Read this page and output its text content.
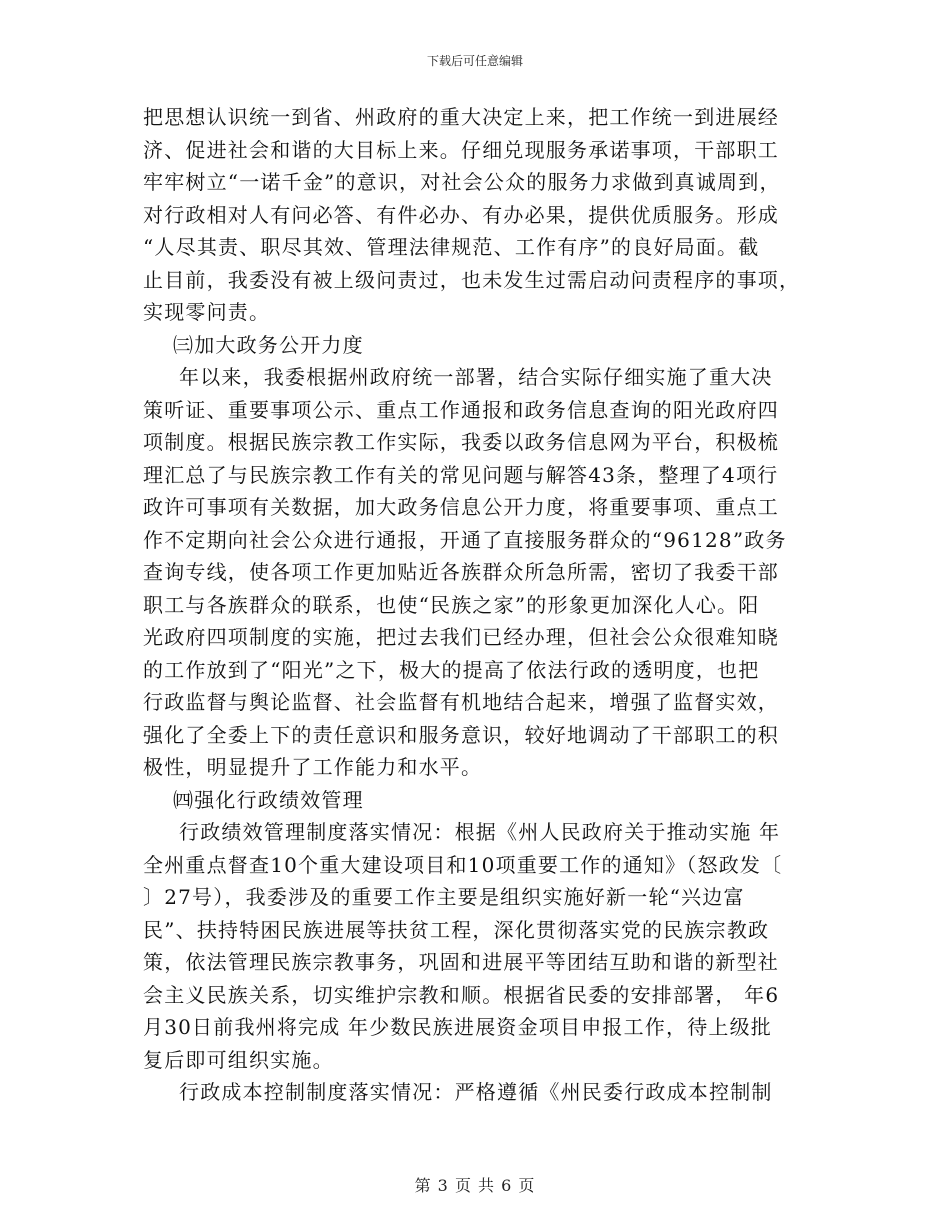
下载后可任意编辑
把思想认识统一到省、州政府的重大决定上来，把工作统一到进展经
济、促进社会和谐的大目标上来。仔细兑现服务承诺事项，干部职工
牢牢树立“一诺千金”的意识，对社会公众的服务力求做到真诚周到，
对行政相对人有问必答、有件必办、有办必果，提供优质服务。形成
“人尽其责、职尽其效、管理法律规范、工作有序”的良好局面。截
止目前，我委没有被上级问责过，也未发生过需启动问责程序的事项，
实现零问责。
㈢加大政务公开力度
年以来，我委根据州政府统一部署，结合实际仔细实施了重大决
策听证、重要事项公示、重点工作通报和政务信息查询的阳光政府四
项制度。根据民族宗教工作实际，我委以政务信息网为平台，积极梳
理汇总了与民族宗教工作有关的常见问题与解答43条，整理了4项行
政许可事项有关数据，加大政务信息公开力度，将重要事项、重点工
作不定期向社会公众进行通报，开通了直接服务群众的“96128”政务
查询专线，使各项工作更加贴近各族群众所急所需，密切了我委干部
职工与各族群众的联系，也使“民族之家”的形象更加深化人心。阳
光政府四项制度的实施，把过去我们已经办理，但社会公众很难知晓
的工作放到了“阳光”之下，极大的提高了依法行政的透明度，也把
行政监督与舆论监督、社会监督有机地结合起来，增强了监督实效，
强化了全委上下的责任意识和服务意识，较好地调动了干部职工的积
极性，明显提升了工作能力和水平。
㈣强化行政绩效管理
行政绩效管理制度落实情况：根据《州人民政府关于推动实施 年
全州重点督查10个重大建设项目和10项重要工作的通知》（怒政发〔
〕27号），我委涉及的重要工作主要是组织实施好新一轮“兴边富
民”、扶持特困民族进展等扶贫工程，深化贯彻落实党的民族宗教政
策，依法管理民族宗教事务，巩固和进展平等团结互助和谐的新型社
会主义民族关系，切实维护宗教和顺。根据省民委的安排部署， 年6
月30日前我州将完成 年少数民族进展资金项目申报工作，待上级批
复后即可组织实施。
行政成本控制制度落实情况：严格遵循《州民委行政成本控制制
第 3 页 共 6 页
